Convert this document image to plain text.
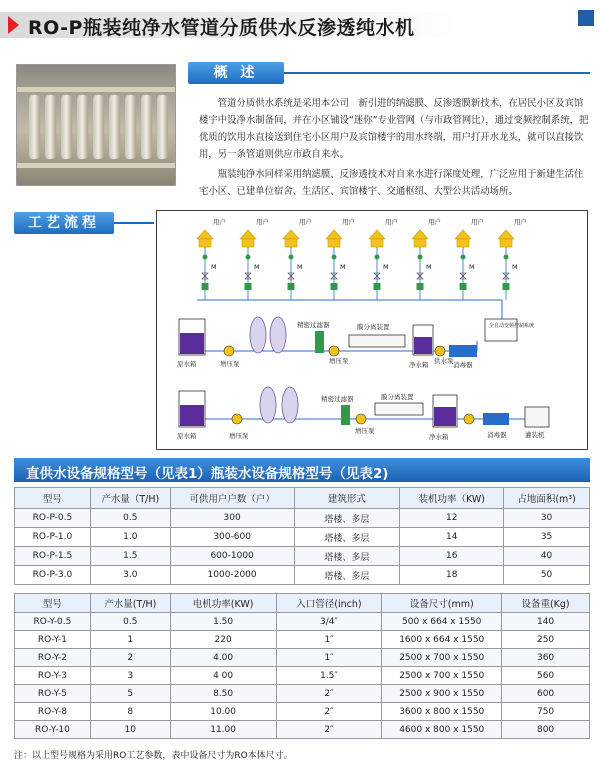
RO-P瓶装纯净水管道分质供水反渗透纯水机
概 述

管道分质供水系统是采用本公司　新引进的纳滤膜、反渗透膜新技术，在居民小区及宾馆楼宇中设净水制备间，并在小区铺设“迷你”专业管网（与市政管网比），通过变频控制系统，把优质的饮用水直接送到住宅小区用户及宾馆楼宇的用水终端，用户打开水龙头，就可以直接饮用，另一条管道则供应市政自来水。

瓶装纯净水同样采用纳滤膜、反渗透技术对自来水进行深度处理，广泛应用于新建生活住宅小区、已建单位宿舍、生活区、宾馆楼宇、交通枢纽、大型公共活动场所。

工艺流程	用户
M
用户
M
用户
M
用户
M
用户
M
用户
M
用户
M
用户
M
全自动变频控制系统
原水箱	增压泵
精密过滤器
增压泵
膜分离装置
净水箱 供水泵 消毒器
原水箱	增压泵
精密过滤器
增压泵
膜分离装置
净水箱	消毒器	灌装机
直供水设备规格型号（见表1）瓶装水设备规格型号（见表2)
型号	产水量（T/H)	可供用户户数（户）	建筑形式	装机功率（KW)	占地面积(m³)
RO-P-0.5	0.5	300	塔楼、多层	12	30
RO-P-1.0	1.0	300-600	塔楼、多层	14	35
RO-P-1.5	1.5	600-1000	塔楼、多层	16	40
RO-P-3.0	3.0	1000-2000	塔楼、多层	18	50
型号	产水量(T/H)	电机功率(KW)	入口管径(inch)	设备尺寸(mm)	设备重(Kg)
RO-Y-0.5	0.5	1.50	3/4″	500 x 664 x 1550	140
RO-Y-1	1	220	1″	1600 x 664 x 1550	250
RO-Y-2	2	4.00	1″	2500 x 700 x 1550	360
RO-Y-3	3	4 00	1.5″	2500 x 700 x 1550	560
RO-Y-5	5	8.50	2″	2500 x 900 x 1550	600
RO-Y-8	8	10.00	2″	3600 x 800 x 1550	750
RO-Y-10	10	11.00	2″	4600 x 800 x 1550	800
注：以上型号规格为采用RO工艺参数，表中设备尺寸为RO本体尺寸。
